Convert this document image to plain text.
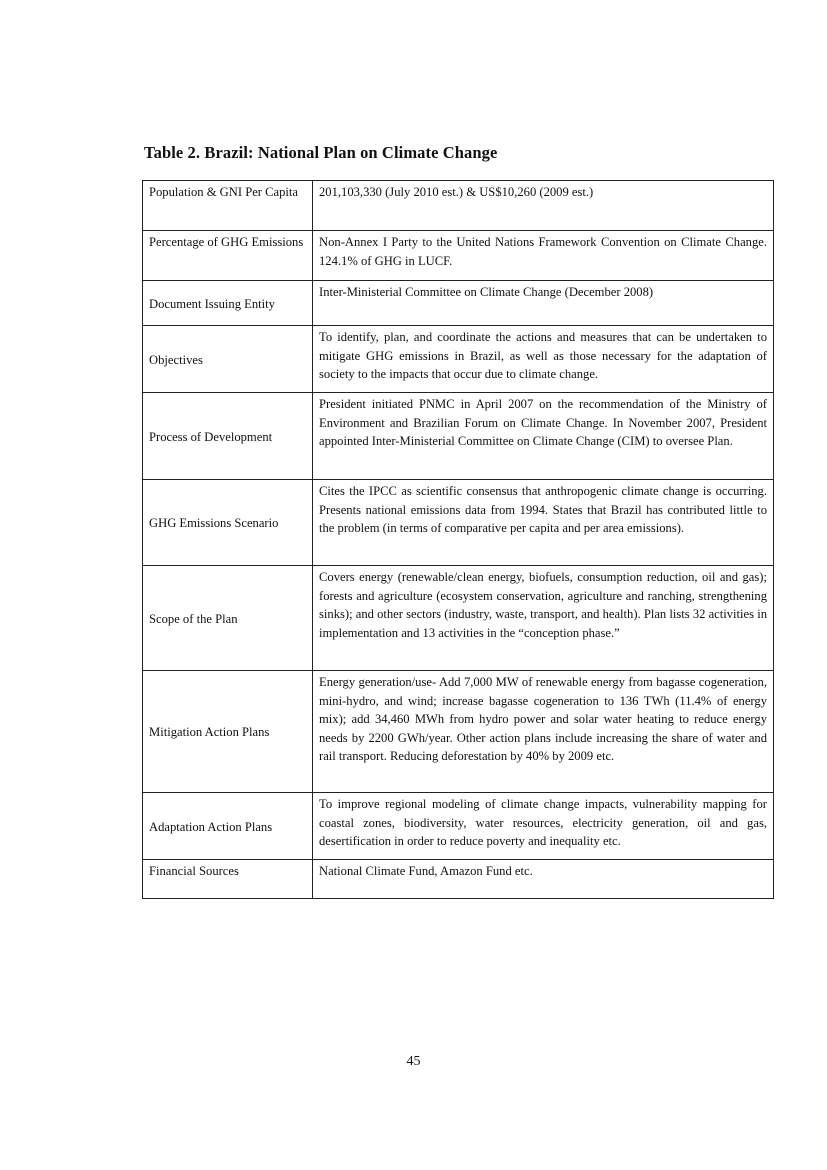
Table 2. Brazil: National Plan on Climate Change
Population & GNI Per Capita	201,103,330 (July 2010 est.) & US$10,260 (2009 est.)
Percentage of GHG Emissions	Non-Annex I Party to the United Nations Framework Convention on Climate Change. 124.1% of GHG in LUCF.
Document Issuing Entity	Inter-Ministerial Committee on Climate Change (December 2008)
Objectives	To identify, plan, and coordinate the actions and measures that can be undertaken to mitigate GHG emissions in Brazil, as well as those necessary for the adaptation of society to the impacts that occur due to climate change.
Process of Development	President initiated PNMC in April 2007 on the recommendation of the Ministry of Environment and Brazilian Forum on Climate Change. In November 2007, President appointed Inter-Ministerial Committee on Climate Change (CIM) to oversee Plan.
GHG Emissions Scenario	Cites the IPCC as scientific consensus that anthropogenic climate change is occurring. Presents national emissions data from 1994. States that Brazil has contributed little to the problem (in terms of comparative per capita and per area emissions).
Scope of the Plan	Covers energy (renewable/clean energy, biofuels, consumption reduction, oil and gas); forests and agriculture (ecosystem conservation, agriculture and ranching, strengthening sinks); and other sectors (industry, waste, transport, and health). Plan lists 32 activities in implementation and 13 activities in the “conception phase.”
Mitigation Action Plans	Energy generation/use- Add 7,000 MW of renewable energy from bagasse cogeneration, mini-hydro, and wind; increase bagasse cogeneration to 136 TWh (11.4% of energy mix); add 34,460 MWh from hydro power and solar water heating to reduce energy needs by 2200 GWh/year. Other action plans include increasing the share of water and rail transport. Reducing deforestation by 40% by 2009 etc.
Adaptation Action Plans	To improve regional modeling of climate change impacts, vulnerability mapping for coastal zones, biodiversity, water resources, electricity generation, oil and gas, desertification in order to reduce poverty and inequality etc.
Financial Sources	National Climate Fund, Amazon Fund etc.
45
